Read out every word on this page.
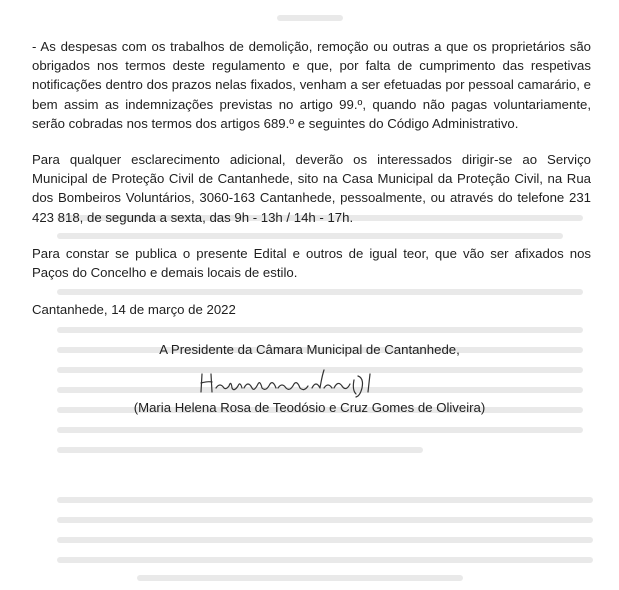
- As despesas com os trabalhos de demolição, remoção ou outras a que os proprietários são obrigados nos termos deste regulamento e que, por falta de cumprimento das respetivas notificações dentro dos prazos nelas fixados, venham a ser efetuadas por pessoal camarário, e bem assim as indemnizações previstas no artigo 99.º, quando não pagas voluntariamente, serão cobradas nos termos dos artigos 689.º e seguintes do Código Administrativo.

Para qualquer esclarecimento adicional, deverão os interessados dirigir-se ao Serviço Municipal de Proteção Civil de Cantanhede, sito na Casa Municipal da Proteção Civil, na Rua dos Bombeiros Voluntários, 3060-163 Cantanhede, pessoalmente, ou através do telefone 231 423 818, de segunda a sexta, das 9h - 13h / 14h - 17h.

Para constar se publica o presente Edital e outros de igual teor, que vão ser afixados nos Paços do Concelho e demais locais de estilo.

Cantanhede, 14 de março de 2022

A Presidente da Câmara Municipal de Cantanhede,

(Maria Helena Rosa de Teodósio e Cruz Gomes de Oliveira)
